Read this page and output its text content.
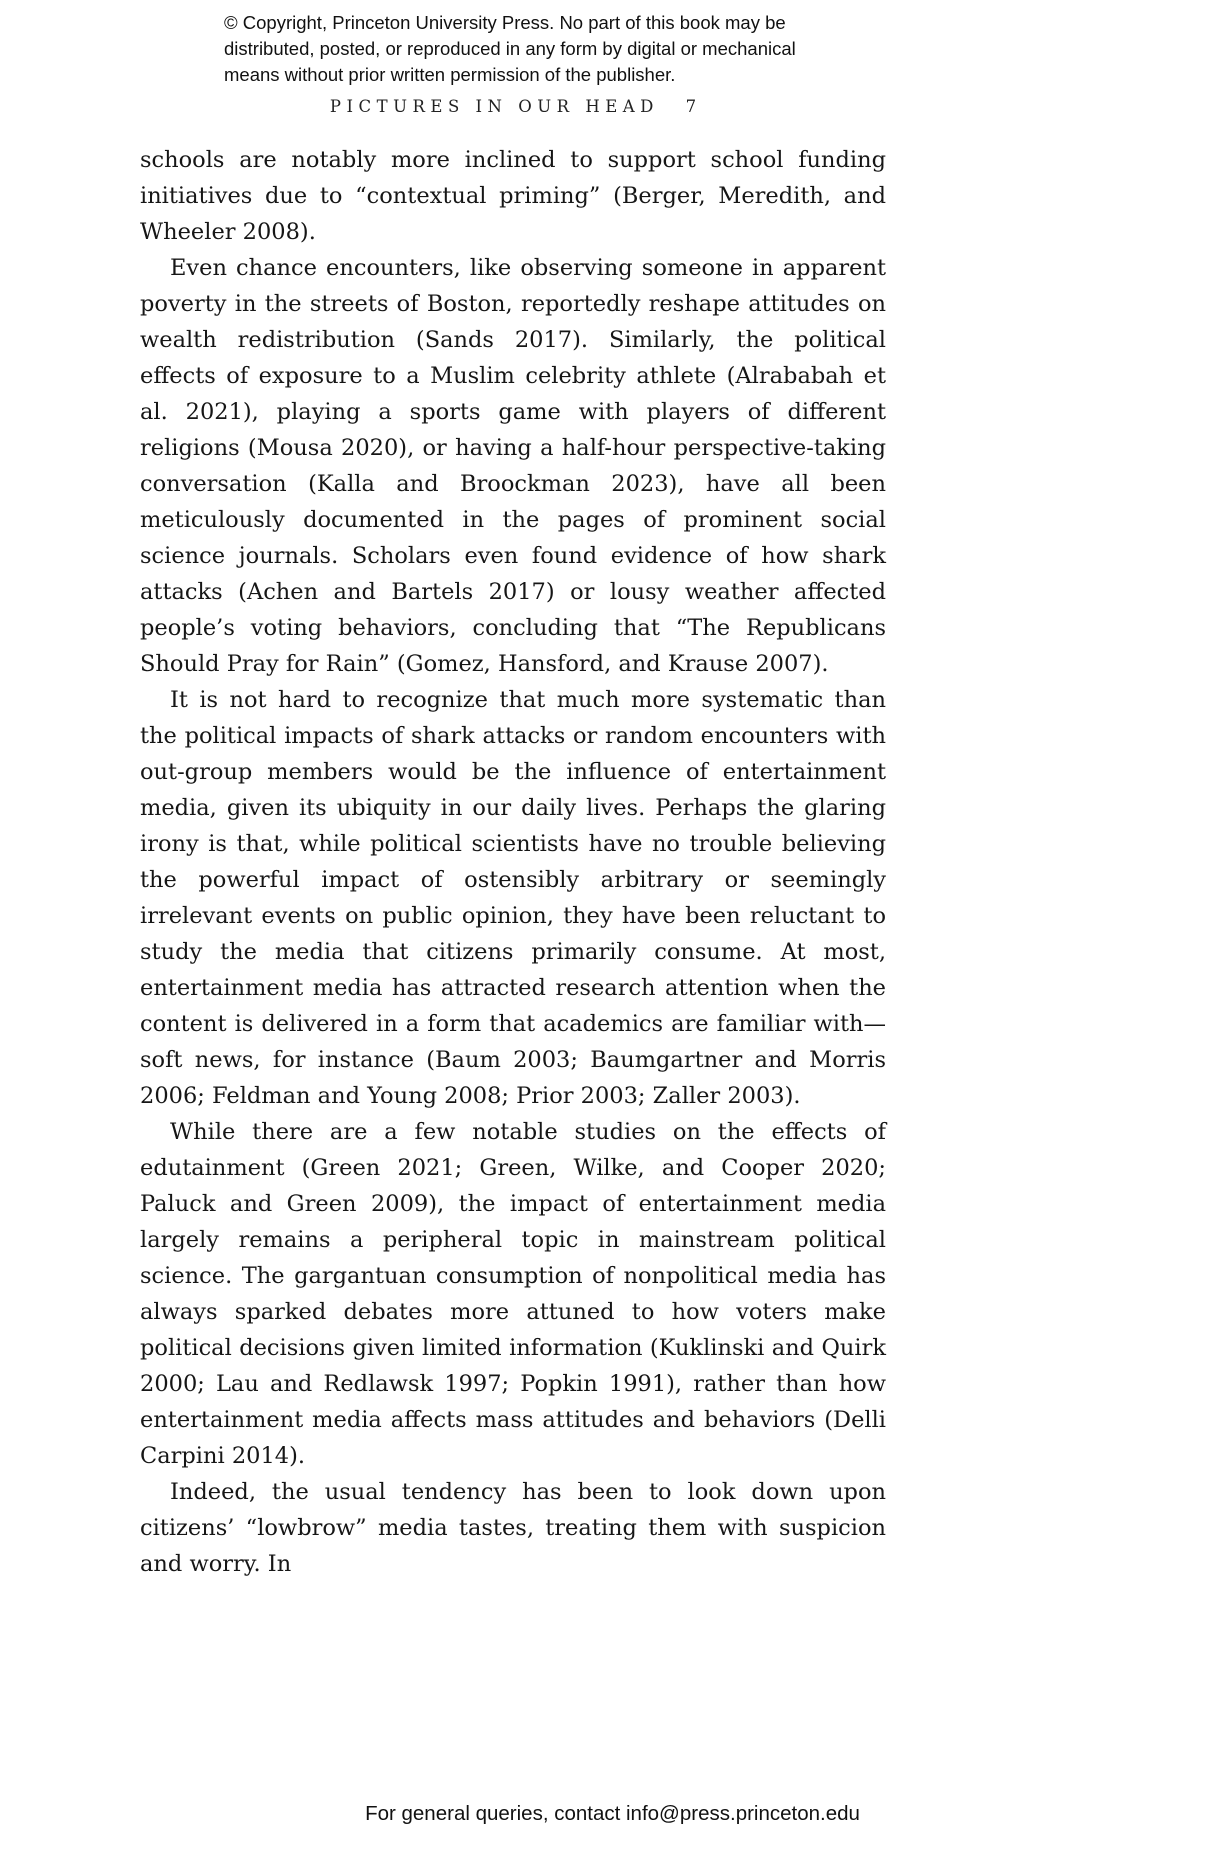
© Copyright, Princeton University Press. No part of this book may be distributed, posted, or reproduced in any form by digital or mechanical means without prior written permission of the publisher.
PICTURES IN OUR HEAD 7

schools are notably more inclined to support school funding initiatives due to “contextual priming” (Berger, Meredith, and Wheeler 2008).

Even chance encounters, like observing someone in apparent poverty in the streets of Boston, reportedly reshape attitudes on wealth redistribution (Sands 2017). Similarly, the political effects of exposure to a Muslim celebrity athlete (Alrababah et al. 2021), playing a sports game with players of different religions (Mousa 2020), or having a half-hour perspective-taking conversation (Kalla and Broockman 2023), have all been meticulously documented in the pages of prominent social science journals. Scholars even found evidence of how shark attacks (Achen and Bartels 2017) or lousy weather affected people’s voting behaviors, concluding that “The Republicans Should Pray for Rain” (Gomez, Hansford, and Krause 2007).

It is not hard to recognize that much more systematic than the political impacts of shark attacks or random encounters with out-group members would be the influence of entertainment media, given its ubiquity in our daily lives. Perhaps the glaring irony is that, while political scientists have no trouble believing the powerful impact of ostensibly arbitrary or seemingly irrelevant events on public opinion, they have been reluctant to study the media that citizens primarily consume. At most, entertainment media has attracted research attention when the content is delivered in a form that academics are familiar with—soft news, for instance (Baum 2003; Baumgartner and Morris 2006; Feldman and Young 2008; Prior 2003; Zaller 2003).

While there are a few notable studies on the effects of edutainment (Green 2021; Green, Wilke, and Cooper 2020; Paluck and Green 2009), the impact of entertainment media largely remains a peripheral topic in mainstream political science. The gargantuan consumption of nonpolitical media has always sparked debates more attuned to how voters make political decisions given limited information (Kuklinski and Quirk 2000; Lau and Redlawsk 1997; Popkin 1991), rather than how entertainment media affects mass attitudes and behaviors (Delli Carpini 2014).

Indeed, the usual tendency has been to look down upon citizens’ “lowbrow” media tastes, treating them with suspicion and worry. In

For general queries, contact info@press.princeton.edu
